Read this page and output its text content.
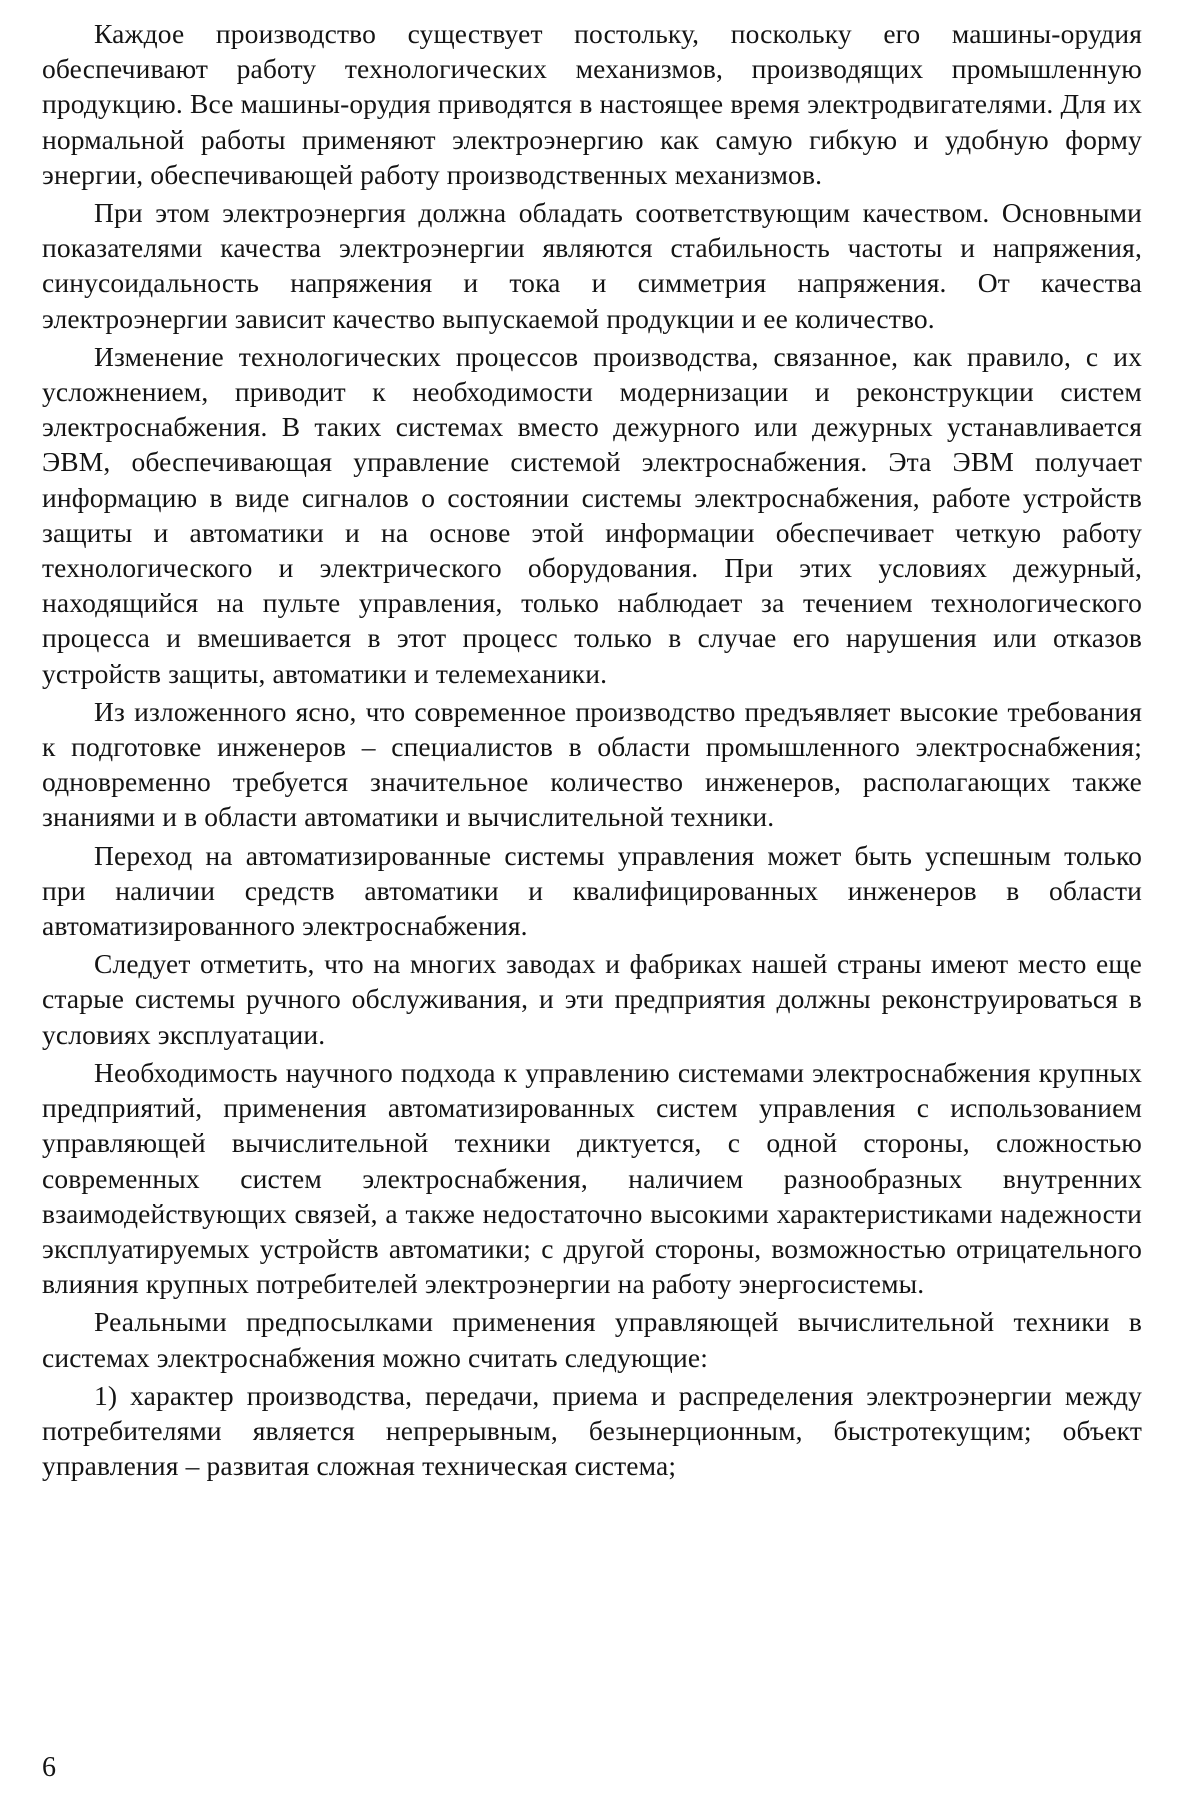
Каждое производство существует постольку, поскольку его машины-орудия обеспечивают работу технологических механизмов, производящих промышленную продукцию. Все машины-орудия приводятся в настоящее время электродвигателями. Для их нормальной работы применяют электроэнергию как самую гибкую и удобную форму энергии, обеспечивающей работу производственных механизмов.

При этом электроэнергия должна обладать соответствующим качеством. Основными показателями качества электроэнергии являются стабильность частоты и напряжения, синусоидальность напряжения и тока и симметрия напряжения. От качества электроэнергии зависит качество выпускаемой продукции и ее количество.

Изменение технологических процессов производства, связанное, как правило, с их усложнением, приводит к необходимости модернизации и реконструкции систем электроснабжения. В таких системах вместо дежурного или дежурных устанавливается ЭВМ, обеспечивающая управление системой электроснабжения. Эта ЭВМ получает информацию в виде сигналов о состоянии системы электроснабжения, работе устройств защиты и автоматики и на основе этой информации обеспечивает четкую работу технологического и электрического оборудования. При этих условиях дежурный, находящийся на пульте управления, только наблюдает за течением технологического процесса и вмешивается в этот процесс только в случае его нарушения или отказов устройств защиты, автоматики и телемеханики.

Из изложенного ясно, что современное производство предъявляет высокие требования к подготовке инженеров – специалистов в области промышленного электроснабжения; одновременно требуется значительное количество инженеров, располагающих также знаниями и в области автоматики и вычислительной техники.

Переход на автоматизированные системы управления может быть успешным только при наличии средств автоматики и квалифицированных инженеров в области автоматизированного электроснабжения.

Следует отметить, что на многих заводах и фабриках нашей страны имеют место еще старые системы ручного обслуживания, и эти предприятия должны реконструироваться в условиях эксплуатации.

Необходимость научного подхода к управлению системами электроснабжения крупных предприятий, применения автоматизированных систем управления с использованием управляющей вычислительной техники диктуется, с одной стороны, сложностью современных систем электроснабжения, наличием разнообразных внутренних взаимодействующих связей, а также недостаточно высокими характеристиками надежности эксплуатируемых устройств автоматики; с другой стороны, возможностью отрицательного влияния крупных потребителей электроэнергии на работу энергосистемы.

Реальными предпосылками применения управляющей вычислительной техники в системах электроснабжения можно считать следующие:

1) характер производства, передачи, приема и распределения электроэнергии между потребителями является непрерывным, безынерционным, быстротекущим; объект управления – развитая сложная техническая система;

6
